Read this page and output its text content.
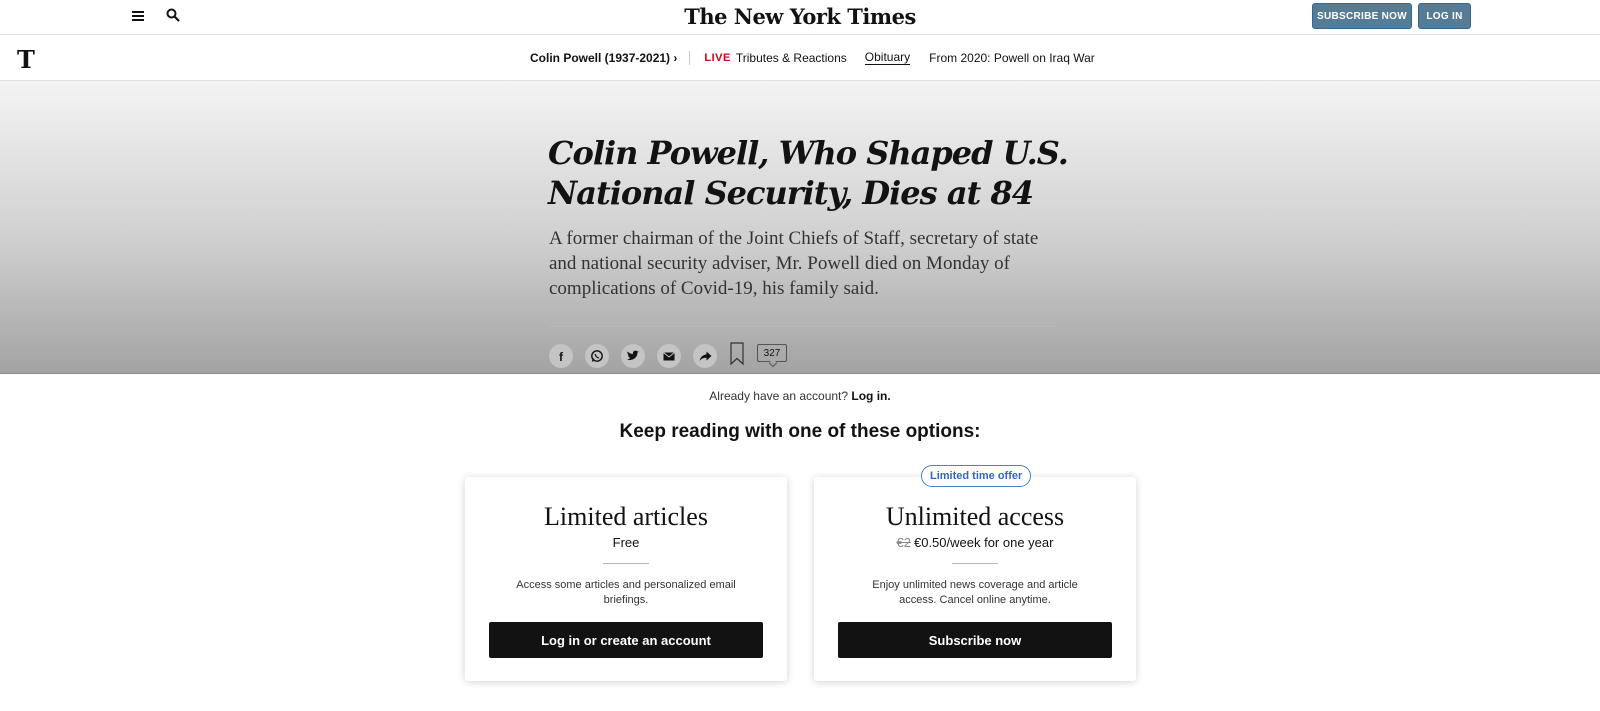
The New York Times	SUBSCRIBE NOW	LOG IN
T	Colin Powell (1937-2021) › LIVE Tributes & Reactions Obituary From 2020: Powell on Iraq War
Colin Powell, Who Shaped U.S. National Security, Dies at 84

A former chairman of the Joint Chiefs of Staff, secretary of state and national security adviser, Mr. Powell died on Monday of complications of Covid-19, his family said.

f	327

Already have an account? Log in.

Keep reading with one of these options:
Limited articles
Free
Access some articles and personalized email briefings.
Log in or create an account
Limited time offer
Unlimited access
€2 €0.50/week for one year
Enjoy unlimited news coverage and article access. Cancel online anytime.
Subscribe now
